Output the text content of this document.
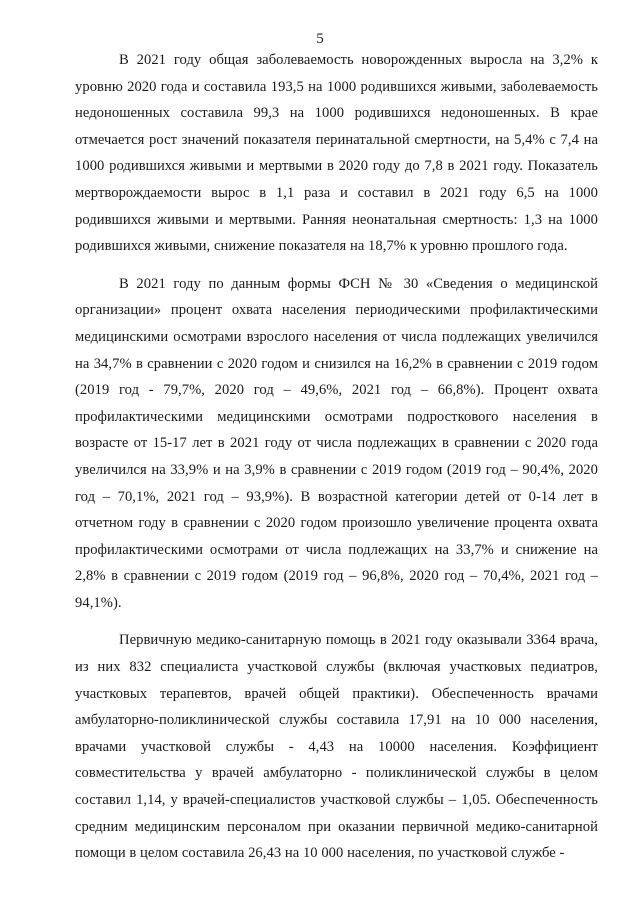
5

В 2021 году общая заболеваемость новорожденных выросла на 3,2% к уровню 2020 года и составила 193,5 на 1000 родившихся живыми, заболеваемость недоношенных составила 99,3 на 1000 родившихся недоношенных. В крае отмечается рост значений показателя перинатальной смертности, на 5,4% с 7,4 на 1000 родившихся живыми и мертвыми в 2020 году до 7,8 в 2021 году. Показатель мертворождаемости вырос в 1,1 раза и составил в 2021 году 6,5 на 1000 родившихся живыми и мертвыми. Ранняя неонатальная смертность: 1,3 на 1000 родившихся живыми, снижение показателя на 18,7% к уровню прошлого года.

В 2021 году по данным формы ФСН № 30 «Сведения о медицинской организации» процент охвата населения периодическими профилактическими медицинскими осмотрами взрослого населения от числа подлежащих увеличился на 34,7% в сравнении с 2020 годом и снизился на 16,2% в сравнении с 2019 годом (2019 год - 79,7%, 2020 год – 49,6%, 2021 год – 66,8%). Процент охвата профилактическими медицинскими осмотрами подросткового населения в возрасте от 15-17 лет в 2021 году от числа подлежащих в сравнении с 2020 года увеличился на 33,9% и на 3,9% в сравнении с 2019 годом (2019 год – 90,4%, 2020 год – 70,1%, 2021 год – 93,9%). В возрастной категории детей от 0-14 лет в отчетном году в сравнении с 2020 годом произошло увеличение процента охвата профилактическими осмотрами от числа подлежащих на 33,7% и снижение на 2,8% в сравнении с 2019 годом (2019 год – 96,8%, 2020 год – 70,4%, 2021 год – 94,1%).

Первичную медико-санитарную помощь в 2021 году оказывали 3364 врача, из них 832 специалиста участковой службы (включая участковых педиатров, участковых терапевтов, врачей общей практики). Обеспеченность врачами амбулаторно-поликлинической службы составила 17,91 на 10 000 населения, врачами участковой службы - 4,43 на 10000 населения. Коэффициент совместительства у врачей амбулаторно - поликлинической службы в целом составил 1,14, у врачей-специалистов участковой службы – 1,05. Обеспеченность средним медицинским персоналом при оказании первичной медико-санитарной помощи в целом составила 26,43 на 10 000 населения, по участковой службе -
